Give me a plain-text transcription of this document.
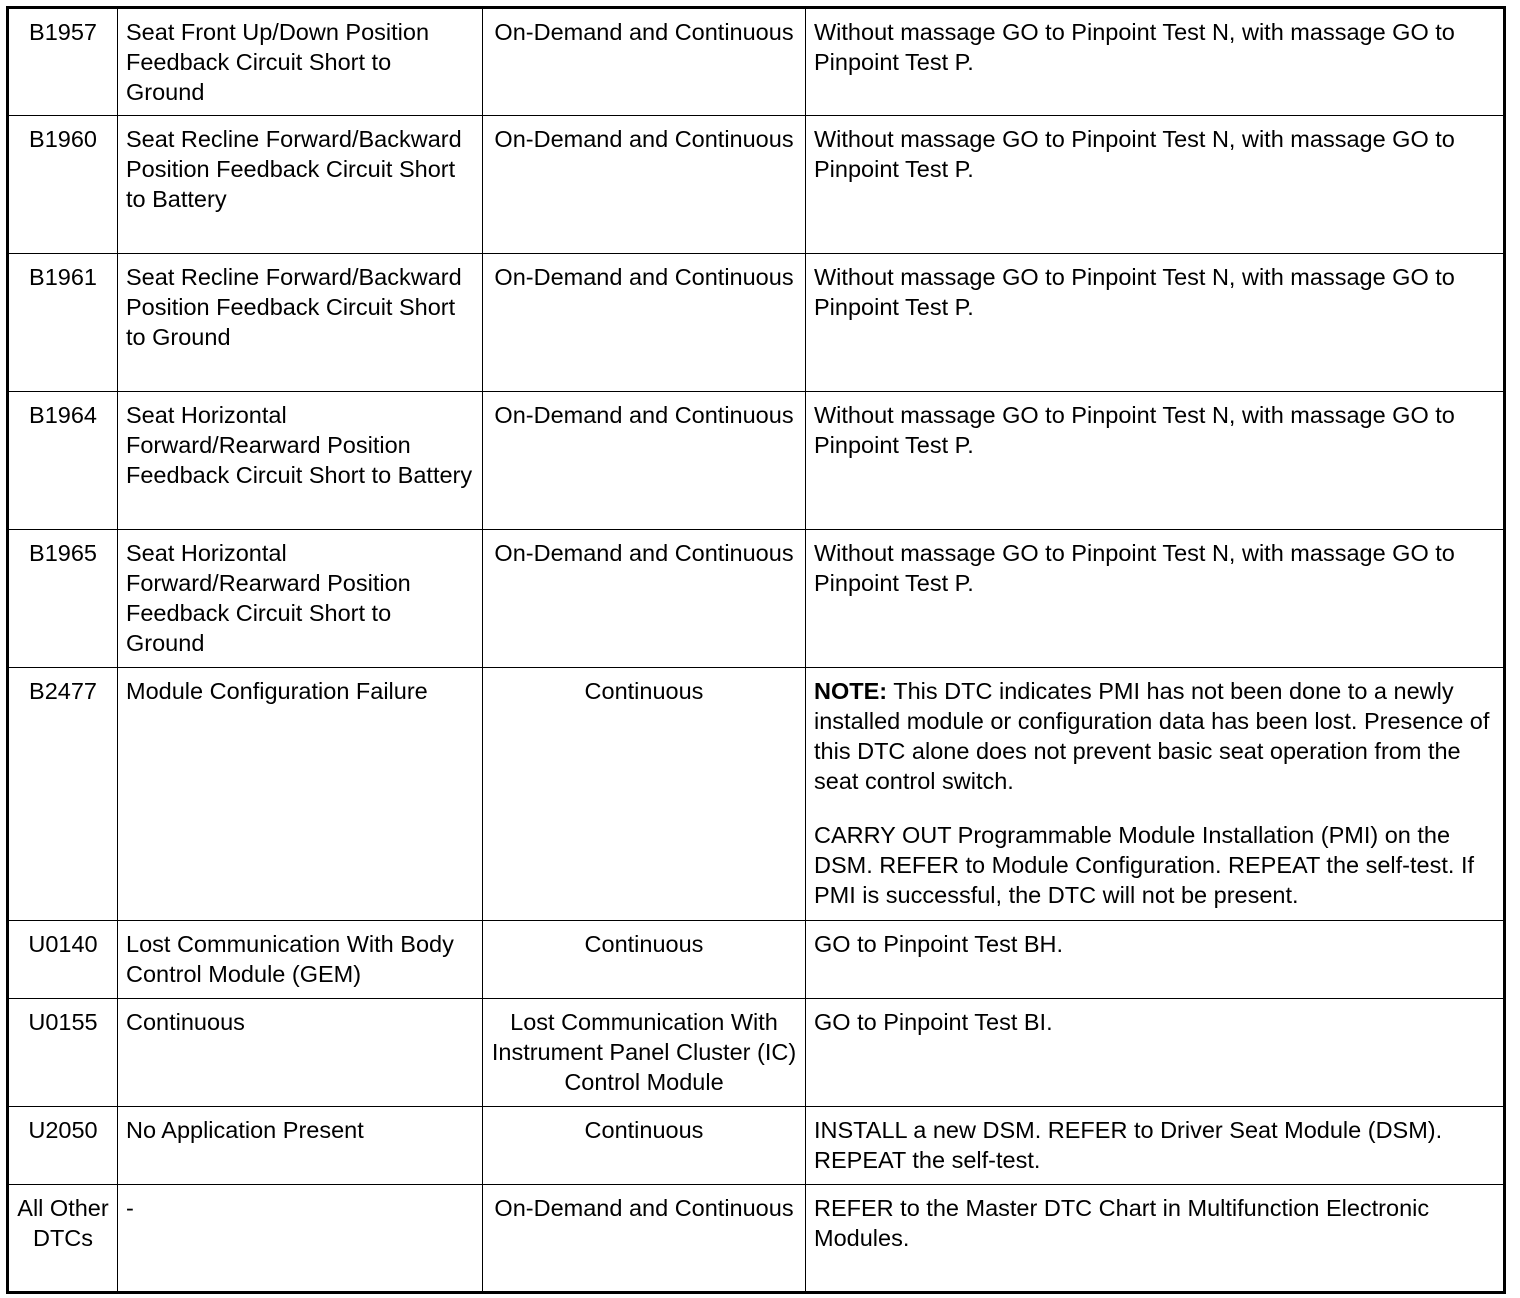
B1957	Seat Front Up/Down Position Feedback Circuit Short to Ground	On-Demand and Continuous	Without massage GO to Pinpoint Test N, with massage GO to Pinpoint Test P.
B1960	Seat Recline Forward/Backward Position Feedback Circuit Short to Battery	On-Demand and Continuous	Without massage GO to Pinpoint Test N, with massage GO to Pinpoint Test P.
B1961	Seat Recline Forward/Backward Position Feedback Circuit Short to Ground	On-Demand and Continuous	Without massage GO to Pinpoint Test N, with massage GO to Pinpoint Test P.
B1964	Seat Horizontal Forward/Rearward Position Feedback Circuit Short to Battery	On-Demand and Continuous	Without massage GO to Pinpoint Test N, with massage GO to Pinpoint Test P.
B1965	Seat Horizontal Forward/Rearward Position Feedback Circuit Short to Ground	On-Demand and Continuous	Without massage GO to Pinpoint Test N, with massage GO to Pinpoint Test P.
B2477	Module Configuration Failure	Continuous	NOTE: This DTC indicates PMI has not been done to a newly installed module or configuration data has been lost. Presence of this DTC alone does not prevent basic seat operation from the seat control switch.
CARRY OUT Programmable Module Installation (PMI) on the DSM. REFER to Module Configuration. REPEAT the self-test. If PMI is successful, the DTC will not be present.

U0140	Lost Communication With Body Control Module (GEM)	Continuous	GO to Pinpoint Test BH.
U0155	Continuous	Lost Communication With Instrument Panel Cluster (IC) Control Module	GO to Pinpoint Test BI.
U2050	No Application Present	Continuous	INSTALL a new DSM. REFER to Driver Seat Module (DSM). REPEAT the self-test.
All Other DTCs	-	On-Demand and Continuous	REFER to the Master DTC Chart in Multifunction Electronic Modules.
